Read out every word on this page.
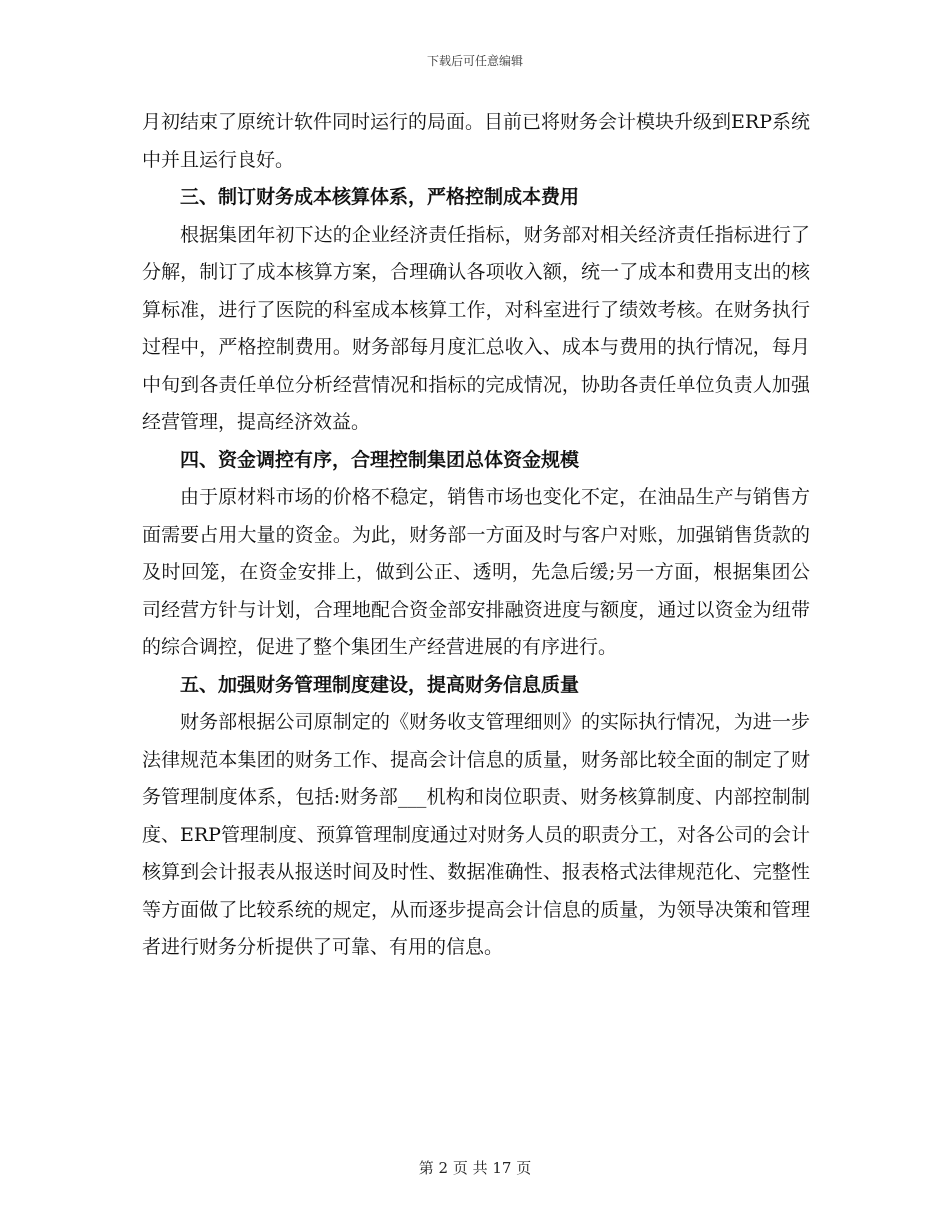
下载后可任意编辑

月初结束了原统计软件同时运行的局面。目前已将财务会计模块升级到ERP系统中并且运行良好。

三、制订财务成本核算体系，严格控制成本费用

根据集团年初下达的企业经济责任指标，财务部对相关经济责任指标进行了分解，制订了成本核算方案，合理确认各项收入额，统一了成本和费用支出的核算标准，进行了医院的科室成本核算工作，对科室进行了绩效考核。在财务执行过程中，严格控制费用。财务部每月度汇总收入、成本与费用的执行情况，每月中旬到各责任单位分析经营情况和指标的完成情况，协助各责任单位负责人加强经营管理，提高经济效益。

四、资金调控有序，合理控制集团总体资金规模

由于原材料市场的价格不稳定，销售市场也变化不定，在油品生产与销售方面需要占用大量的资金。为此，财务部一方面及时与客户对账，加强销售货款的及时回笼，在资金安排上，做到公正、透明，先急后缓;另一方面，根据集团公司经营方针与计划，合理地配合资金部安排融资进度与额度，通过以资金为纽带的综合调控，促进了整个集团生产经营进展的有序进行。

五、加强财务管理制度建设，提高财务信息质量

财务部根据公司原制定的《财务收支管理细则》的实际执行情况，为进一步法律规范本集团的财务工作、提高会计信息的质量，财务部比较全面的制定了财务管理制度体系，包括:财务部___机构和岗位职责、财务核算制度、内部控制制度、ERP管理制度、预算管理制度通过对财务人员的职责分工，对各公司的会计核算到会计报表从报送时间及时性、数据准确性、报表格式法律规范化、完整性等方面做了比较系统的规定，从而逐步提高会计信息的质量，为领导决策和管理者进行财务分析提供了可靠、有用的信息。

第 2 页 共 17 页
